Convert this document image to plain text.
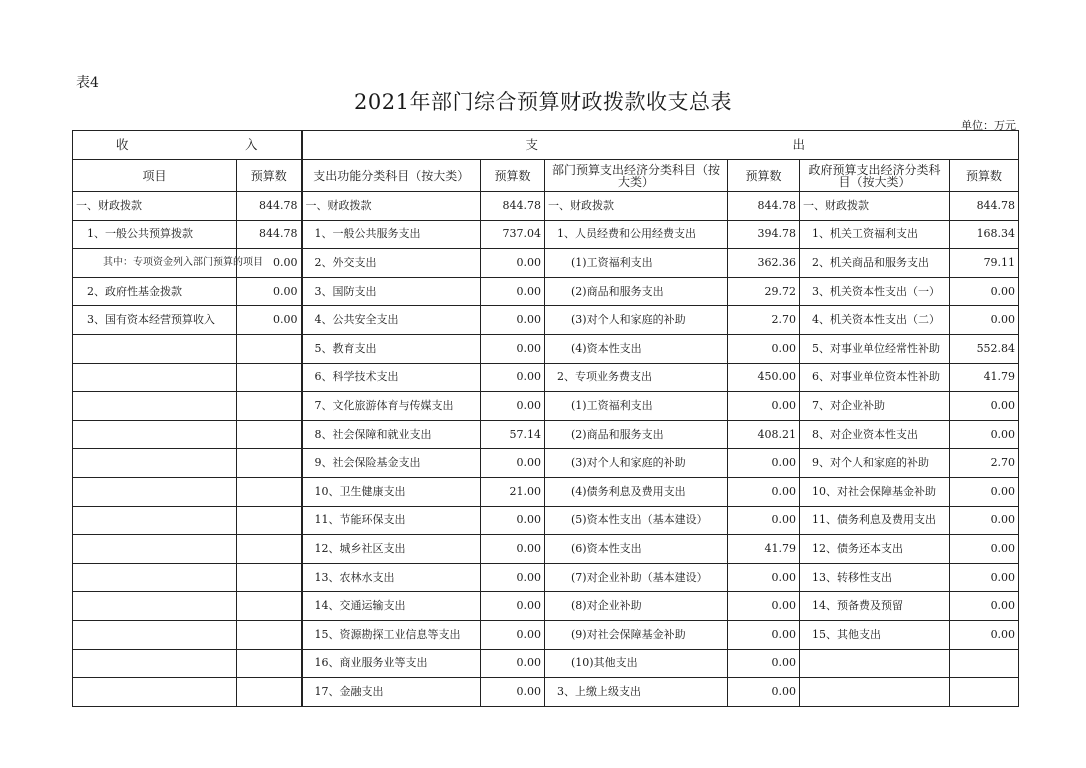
表4
2021年部门综合预算财政拨款收支总表
单位：万元
收 入		支 出					

项目	预算数	支出功能分类科目（按大类）	预算数	部门预算支出经济分类科目（按大类）	预算数	政府预算支出经济分类科目（按大类）	预算数
一、财政拨款	844.78	一、财政拨款	844.78	一、财政拨款	844.78	一、财政拨款	844.78
1、一般公共预算拨款	844.78	1、一般公共服务支出	737.04	1、人员经费和公用经费支出	394.78	1、机关工资福利支出	168.34
其中：专项资金列入部门预算的项目	0.00	2、外交支出	0.00	(1)工资福利支出	362.36	2、机关商品和服务支出	79.11
2、政府性基金拨款	0.00	3、国防支出	0.00	(2)商品和服务支出	29.72	3、机关资本性支出（一）	0.00
3、国有资本经营预算收入	0.00	4、公共安全支出	0.00	(3)对个人和家庭的补助	2.70	4、机关资本性支出（二）	0.00
		5、教育支出	0.00	(4)资本性支出	0.00	5、对事业单位经常性补助	552.84
		6、科学技术支出	0.00	2、专项业务费支出	450.00	6、对事业单位资本性补助	41.79
		7、文化旅游体育与传媒支出	0.00	(1)工资福利支出	0.00	7、对企业补助	0.00
		8、社会保障和就业支出	57.14	(2)商品和服务支出	408.21	8、对企业资本性支出	0.00
		9、社会保险基金支出	0.00	(3)对个人和家庭的补助	0.00	9、对个人和家庭的补助	2.70
		10、卫生健康支出	21.00	(4)债务利息及费用支出	0.00	10、对社会保障基金补助	0.00
		11、节能环保支出	0.00	(5)资本性支出（基本建设）	0.00	11、债务利息及费用支出	0.00
		12、城乡社区支出	0.00	(6)资本性支出	41.79	12、债务还本支出	0.00
		13、农林水支出	0.00	(7)对企业补助（基本建设）	0.00	13、转移性支出	0.00
		14、交通运输支出	0.00	(8)对企业补助	0.00	14、预备费及预留	0.00
		15、资源勘探工业信息等支出	0.00	(9)对社会保障基金补助	0.00	15、其他支出	0.00
		16、商业服务业等支出	0.00	(10)其他支出	0.00		
		17、金融支出	0.00	3、上缴上级支出	0.00		
